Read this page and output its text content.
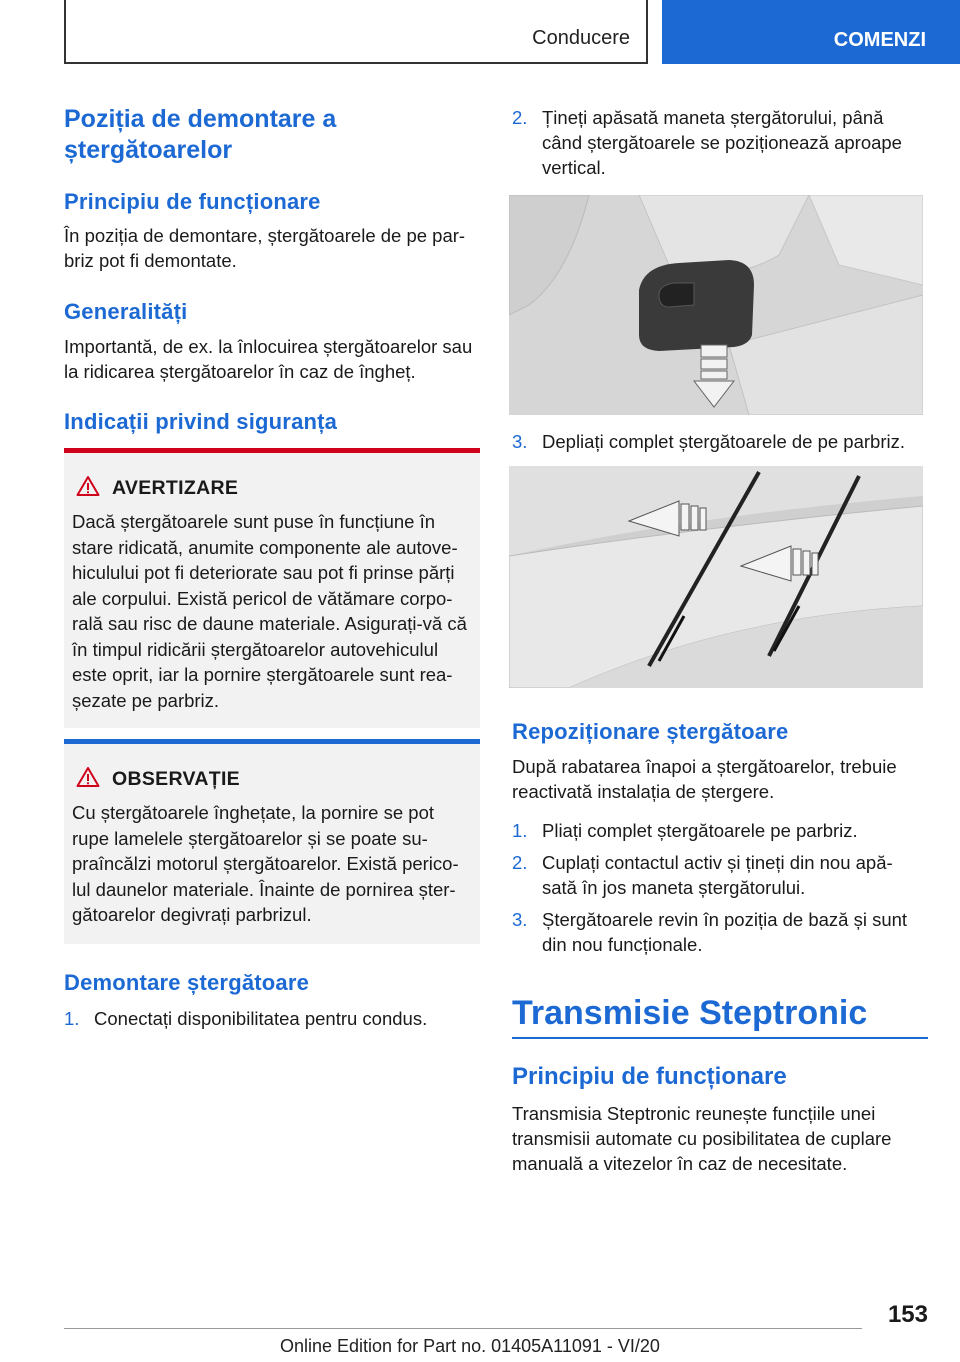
Conducere	COMENZI
Poziția de demontare a
ștergătoarelor
Principiu de funcționare
În poziția de demontare, ștergătoarele de pe par‐
briz pot fi demontate.
Generalități
Importantă, de ex. la înlocuirea ștergătoarelor sau
la ridicarea ștergătoarelor în caz de îngheț.
Indicații privind siguranța
AVERTIZARE
Dacă ștergătoarele sunt puse în funcțiune în
stare ridicată, anumite componente ale autove‐
hiculului pot fi deteriorate sau pot fi prinse părți
ale corpului. Există pericol de vătămare corpo‐
rală sau risc de daune materiale. Asigurați-vă că
în timpul ridicării ștergătoarelor autovehiculul
este oprit, iar la pornire ștergătoarele sunt rea‐
șezate pe parbriz.
OBSERVAȚIE
Cu ștergătoarele înghețate, la pornire se pot
rupe lamelele ștergătoarelor și se poate su‐
praîncălzi motorul ștergătoarelor. Există perico‐
lul daunelor materiale. Înainte de pornirea șter‐
gătoarelor degivrați parbrizul.
Demontare ștergătoare
1. Conectați disponibilitatea pentru condus.
2. Țineți apăsată maneta ștergătorului, până
când ștergătoarele se poziționează aproape
vertical.
3. Depliați complet ștergătoarele de pe parbriz.
Repoziționare ștergătoare
După rabatarea înapoi a ștergătoarelor, trebuie
reactivată instalația de ștergere.
1. Pliați complet ștergătoarele pe parbriz.
2. Cuplați contactul activ și țineți din nou apă‐
sată în jos maneta ștergătorului.
3. Ștergătoarele revin în poziția de bază și sunt
din nou funcționale.
Transmisie Steptronic
Principiu de funcționare
Transmisia Steptronic reunește funcțiile unei
transmisii automate cu posibilitatea de cuplare
manuală a vitezelor în caz de necesitate.
153
Online Edition for Part no. 01405A11091 - VI/20
